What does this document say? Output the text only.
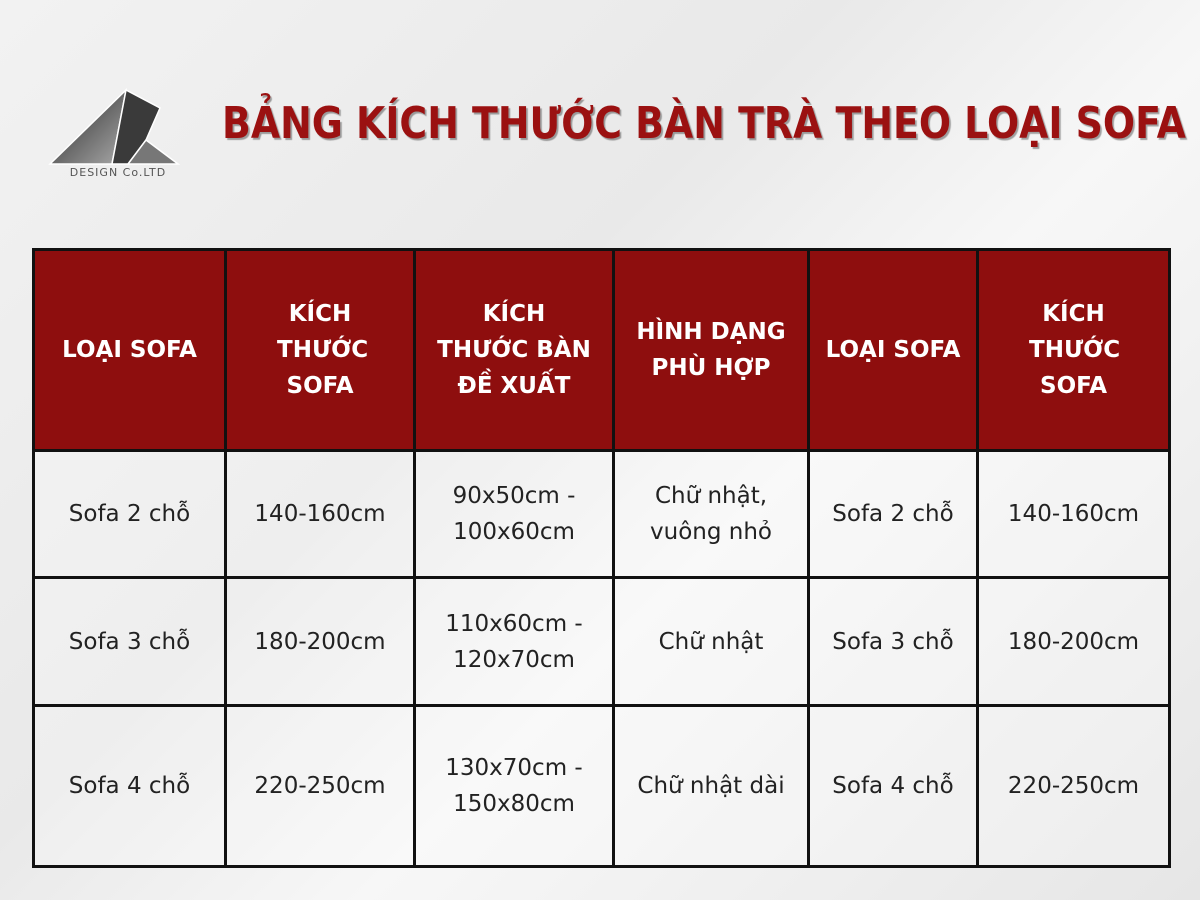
DESIGN Co.LTD
BẢNG KÍCH THƯỚC BÀN TRÀ THEO LOẠI SOFA
LOẠI SOFA	KÍCH THƯỚC SOFA	KÍCH THƯỚC BÀN ĐỀ XUẤT	HÌNH DẠNG PHÙ HỢP	LOẠI SOFA	KÍCH THƯỚC SOFA
Sofa 2 chỗ	140-160cm	90x50cm - 100x60cm	Chữ nhật, vuông nhỏ	Sofa 2 chỗ	140-160cm
Sofa 3 chỗ	180-200cm	110x60cm - 120x70cm	Chữ nhật	Sofa 3 chỗ	180-200cm
Sofa 4 chỗ	220-250cm	130x70cm - 150x80cm	Chữ nhật dài	Sofa 4 chỗ	220-250cm
